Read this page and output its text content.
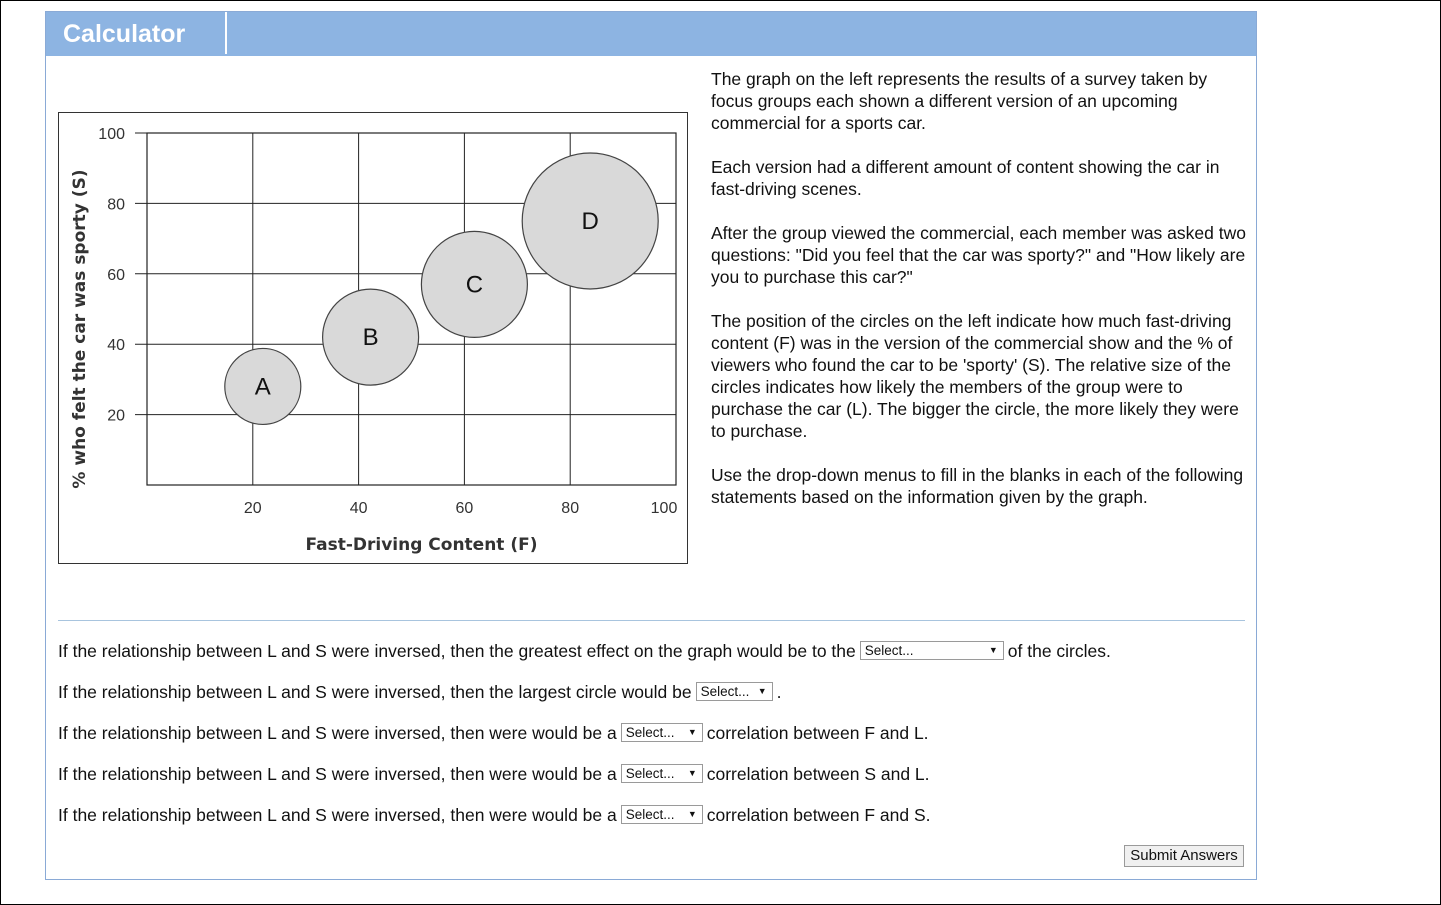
Calculator
20	40	60	80	100
100
80
60
40
20
Fast-Driving Content (F)
% who felt the car was sporty (S)	A
B
C
D

The graph on the left represents the results of a survey taken by focus groups each shown a different version of an upcoming commercial for a sports car.

Each version had a different amount of content showing the car in fast-driving scenes.

After the group viewed the commercial, each member was asked two questions: "Did you feel that the car was sporty?" and "How likely are you to purchase this car?"

The position of the circles on the left indicate how much fast-driving content (F) was in the version of the commercial show and the % of viewers who found the car to be 'sporty' (S). The relative size of the circles indicates how likely the members of the group were to purchase the car (L). The bigger the circle, the more likely they were to purchase.

Use the drop-down menus to fill in the blanks in each of the following statements based on the information given by the graph.

If the relationship between L and S were inversed, then the greatest effect on the graph would be to the Select...	▼ of the circles.
If the relationship between L and S were inversed, then the largest circle would be Select... ▼ .
If the relationship between L and S were inversed, then were would be a Select... ▼ correlation between F and L.
If the relationship between L and S were inversed, then were would be a Select... ▼ correlation between S and L.
If the relationship between L and S were inversed, then were would be a Select... ▼ correlation between F and S.
Submit Answers
